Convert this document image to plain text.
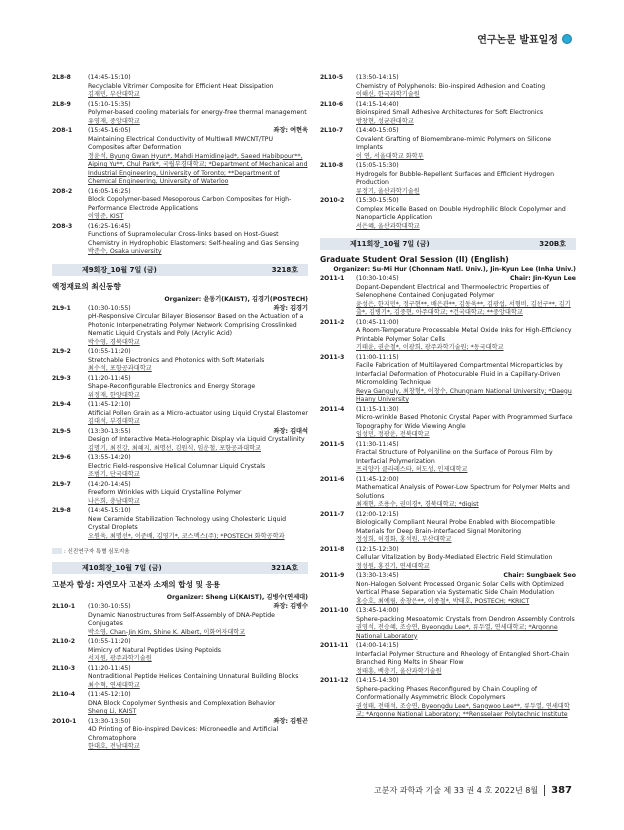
연구논문 발표일정
2L8-8	(14:45-15:10)
Recyclable Vitrimer Composite for Efficient Heat Dissipation
김재민, 부산대학교
2L8-9	(15:10-15:35)
Polymer-based cooling materials for energy-free thermal management
유영재, 중앙대학교
2O8-1	(15:45-16:05)	좌장: 여현욱
Maintaining Electrical Conductivity of Multiwall MWCNT/TPU Composites after Deformation
정윤석, Byung Gwan Hyun*, Mahdi Hamidinejad*, Saeed Habibpour**, Aiping Yu**, Chul Park*, 국립부경대학교; *Department of Mechanical and Industrial Engineering, University of Toronto; **Department of Chemical Engineering, University of Waterloo
2O8-2	(16:05-16:25)
Block Copolymer-based Mesoporous Carbon Composites for High-Performance Electrode Applications
이영준, KIST
2O8-3	(16:25-16:45)
Functions of Supramolecular Cross-links based on Host-Guest Chemistry in Hydrophobic Elastomers: Self-healing and Gas Sensing
박준수, Osaka university
제9회장_10월 7일 (금)	3218호
액정재료의 최신동향
Organizer: 윤동기(KAIST), 김경기(POSTECH)
2L9-1	(10:30-10:55)	좌장: 김경기
pH-Responsive Circular Bilayer Biosensor Based on the Actuation of a Photonic Interpenetrating Polymer Network Comprising Crosslinked Nematic Liquid Crystals and Poly (Acrylic Acid)
박수영, 경북대학교
2L9-2	(10:55-11:20)
Stretchable Electronics and Photonics with Soft Materials
최수석, 포항공과대학교
2L9-3	(11:20-11:45)
Shape-Reconfigurable Electronics and Energy Storage
위정재, 한양대학교
2L9-4	(11:45-12:10)
Atificial Pollen Grain as a Micro-actuator using Liquid Crystal Elastomer
김대석, 부경대학교
2L9-5	(13:30-13:55)	좌장: 김대석
Design of Interactive Meta-Holographic Display via Liquid Crystallinity
김명기, 최진강, 최혜지, 최명선, 김원식, 임운철, 포항공과대학교
2L9-6	(13:55-14:20)
Electric Field-responsive Helical Columnar Liquid Crystals
조범기, 단국대학교
2L9-7	(14:20-14:45)
Freeform Wrinkles with Liquid Crystalline Polymer
나은희, 충남대학교
2L9-8	(14:45-15:10)
New Ceramide Stabilization Technology using Cholesteric Liquid Crystal Droplets
오원욱, 최명선*, 이준배, 김영기*, 코스맥스(주); *POSTECH 화학공학과
: 신진연구자 특별 심포지움
제10회장_10월 7일 (금)	321A호
고분자 합성: 자연모사 고분자 소재의 합성 및 응용
Organizer: Sheng Li(KAIST), 김병수(연세대)
2L10-1	(10:30-10:55)	좌장: 김병수
Dynamic Nanostructures from Self-Assembly of DNA-Peptide Conjugates
박소영, Chan-Jin Kim, Shine K. Albert, 이화여자대학교
2L10-2	(10:55-11:20)
Mimicry of Natural Peptides Using Peptoids
서지원, 광주과학기술원
2L10-3	(11:20-11:45)
Nontraditional Peptide Helices Containing Unnatural Building Blocks
최수혁, 연세대학교
2L10-4	(11:45-12:10)
DNA Block Copolymer Synthesis and Complexation Behavior
Sheng Li, KAIST
2O10-1	(13:30-13:50)	좌장: 김원곤
4D Printing of Bio-inspired Devices: Microneedle and Artificial Chromatophore
한대호, 전남대학교
2L10-5	(13:50-14:15)
Chemistry of Polyphenols: Bio-inspired Adhesion and Coating
이해신, 한국과학기술원
2L10-6	(14:15-14:40)
Bioinspired Small Adhesive Architectures for Soft Electronics
방창현, 성균관대학교
2L10-7	(14:40-15:05)
Covalent Grafting of Biomembrane-mimic Polymers on Silicone Implants
이 연, 서울대학교 화학부
2L10-8	(15:05-15:30)
Hydrogels for Bubble-Repellent Surfaces and Efficient Hydrogen Production
류정기, 울산과학기술원
2O10-2	(15:30-15:50)
Complex Micelle Based on Double Hydrophilic Block Copolymer and Nanoparticle Application
서은혜, 울산과학대학교
제11회장_10월 7일 (금)	320B호
Graduate Student Oral Session (II) (English)
Organizer: Su-Mi Hur (Chonnam Natl. Univ.), Jin-Kyun Lee (Inha Univ.)
2O11-1	(10:30-10:45)	Chair: Jin-Kyun Lee
Dopant-Dependent Electrical and Thermoelectric Properties of Selenophene Contained Conjugated Polymer
윤성은, 한지민*, 정구현**, 배은관**, 김동욱**, 김광섭, 서형비, 김선구**, 김기출*, 김병기*, 김중현, 아주대학교; *건국대학교; **중앙대학교
2O11-2	(10:45-11:00)
A Room-Temperature Processable Metal Oxide Inks for High-Efficiency Printable Polymer Solar Cells
기태윤, 권순철*, 이광희, 광주과학기술원; *동국대학교
2O11-3	(11:00-11:15)
Facile Fabrication of Multilayered Compartmental Microparticles by Interfacial Deformation of Photocurable Fluid in a Capillary-Driven Micromolding Technique
Reya Ganguly, 최창형*, 이창수, Chungnam National University; *Daegu Haany University
2O11-4	(11:15-11:30)
Micro-wrinkle Based Photonic Crystal Paper with Programmed Surface Topography for Wide Viewing Angle
임성민, 정광운, 전북대학교
2O11-5	(11:30-11:45)
Fractal Structure of Polyaniline on the Surface of Porous Film by Interfacial Polymerization
프리양카 클라레스타, 허도성, 인제대학교
2O11-6	(11:45-12:00)
Mathematical Analysis of Power-Low Spectrum for Polymer Melts and Solutions
최재현, 조용수, 권미경*, 경북대학교; *digist
2O11-7	(12:00-12:15)
Biologically Compliant Neural Probe Enabled with Biocompatible Materials for Deep Brain-interfaced Signal Monitoring
정성희, 허경화, 홍석원, 부산대학교
2O11-8	(12:15-12:30)
Cellular Vitalization by Body-Mediated Electric Field Stimulation
정성원, 홍진기, 연세대학교
2O11-9	(13:30-13:45)	Chair: Sungbaek Seo
Non-Halogen Solvent Processed Organic Solar Cells with Optimized Vertical Phase Separation via Systematic Side Chain Modulation
홍승호, 최예림, 송창은**, 이종철*, 박태호, POSTECH; *KRICT
2O11-10	(13:45-14:00)
Sphere-packing Mesoatomic Crystals from Dendron Assembly Controls
권영석, 전승혜, 조승연, Byeongdu Lee*, 류두열, 연세대학교; *Argonne National Laboratory
2O11-11	(14:00-14:15)
Interfacial Polymer Structure and Rheology of Entangled Short-Chain Branched Ring Melts in Shear Flow
정태흥, 백충기, 울산과학기술원
2O11-12	(14:15-14:30)
Sphere-packing Phases Reconfigured by Chain Coupling of Conformationally Asymmetric Block Copolymers
권성태, 전태석, 조승연, Byeongdu Lee*, Sangwoo Lee**, 류두열, 연세대학교; *Argonne National Laboratory; **Rensselaer Polytechnic Institute
고분자 과학과 기술 제 33 권 4 호 2022년 8월	387
